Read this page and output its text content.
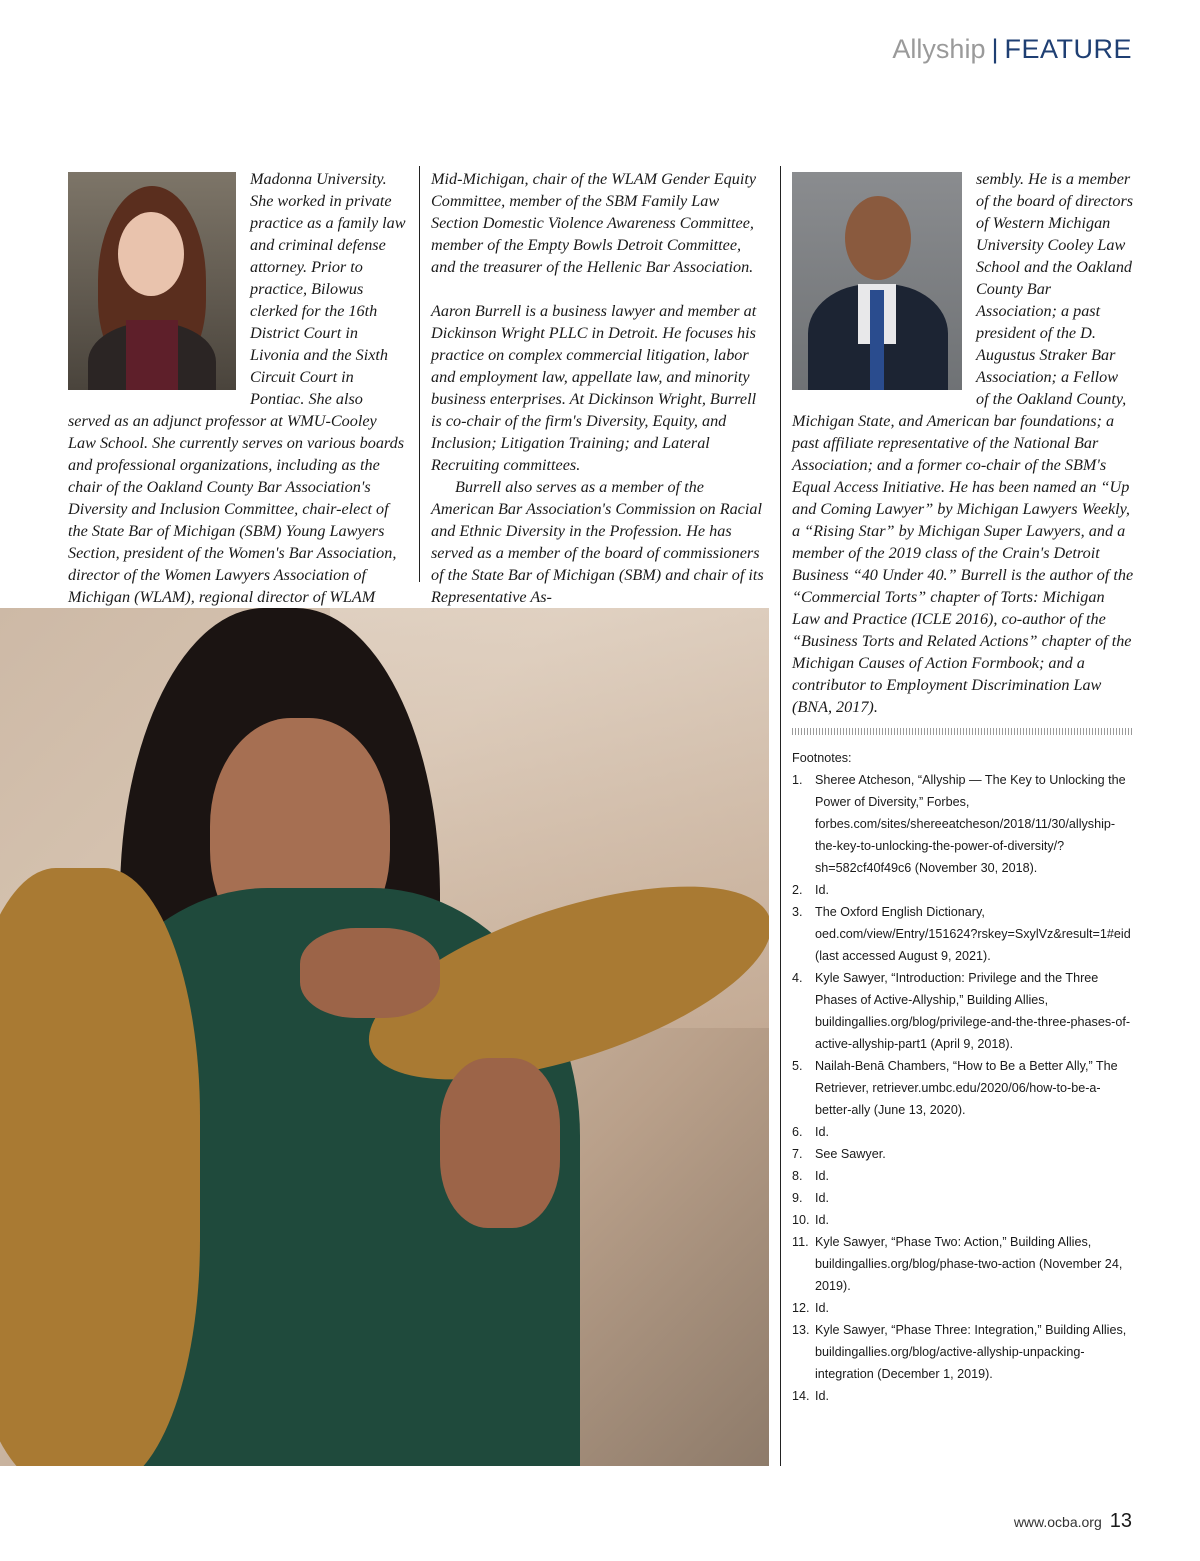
Allyship | FEATURE

Madonna University. She worked in private practice as a family law and criminal defense attorney. Prior to practice, Bilowus clerked for the 16th District Court in Livonia and the Sixth Circuit Court in Pontiac. She also served as an adjunct professor at WMU-Cooley Law School. She currently serves on various boards and professional organizations, including as the chair of the Oakland County Bar Association's Diversity and Inclusion Committee, chair-elect of the State Bar of Michigan (SBM) Young Lawyers Section, president of the Women's Bar Association, director of the Women Lawyers Association of Michigan (WLAM), regional director of WLAM

Mid-Michigan, chair of the WLAM Gender Equity Committee, member of the SBM Family Law Section Domestic Violence Awareness Committee, member of the Empty Bowls Detroit Committee, and the treasurer of the Hellenic Bar Association.

Aaron Burrell is a business lawyer and member at Dickinson Wright PLLC in Detroit. He focuses his practice on complex commercial litigation, labor and employment law, appellate law, and minority business enterprises. At Dickinson Wright, Burrell is co-chair of the firm's Diversity, Equity, and Inclusion; Litigation Training; and Lateral Recruiting committees.

Burrell also serves as a member of the American Bar Association's Commission on Racial and Ethnic Diversity in the Profession. He has served as a member of the board of commissioners of the State Bar of Michigan (SBM) and chair of its Representative As-

sembly. He is a member of the board of directors of Western Michigan University Cooley Law School and the Oakland County Bar Association; a past president of the D. Augustus Straker Bar Association; a Fellow of the Oakland County, Michigan State, and American bar foundations; a past affiliate representative of the National Bar Association; and a former co-chair of the SBM's Equal Access Initiative. He has been named an “Up and Coming Lawyer” by Michigan Lawyers Weekly, a “Rising Star” by Michigan Super Lawyers, and a member of the 2019 class of the Crain's Detroit Business “40 Under 40.” Burrell is the author of the “Commercial Torts” chapter of Torts: Michigan Law and Practice (ICLE 2016), co-author of the “Business Torts and Related Actions” chapter of the Michigan Causes of Action Formbook; and a contributor to Employment Discrimination Law (BNA, 2017).

Footnotes:
1. Sheree Atcheson, “Allyship — The Key to Unlocking the Power of Diversity,” Forbes, forbes.com/sites/shereeatcheson/2018/11/30/allyship-the-key-to-unlocking-the-power-of-diversity/?sh=582cf40f49c6 (November 30, 2018).
2. Id.
3. The Oxford English Dictionary, oed.com/view/Entry/151624?rskey=SxylVz&result=1#eid (last accessed August 9, 2021).
4. Kyle Sawyer, “Introduction: Privilege and the Three Phases of Active-Allyship,” Building Allies, buildingallies.org/blog/privilege-and-the-three-phases-of-active-allyship-part1 (April 9, 2018).
5. Nailah-Benā Chambers, “How to Be a Better Ally,” The Retriever, retriever.umbc.edu/2020/06/how-to-be-a-better-ally (June 13, 2020).
6. Id.
7. See Sawyer.
8. Id.
9. Id.
10. Id.
11. Kyle Sawyer, “Phase Two: Action,” Building Allies, buildingallies.org/blog/phase-two-action (November 24, 2019).
12. Id.
13. Kyle Sawyer, “Phase Three: Integration,” Building Allies, buildingallies.org/blog/active-allyship-unpacking-integration (December 1, 2019).
14. Id.
www.ocba.org 13
